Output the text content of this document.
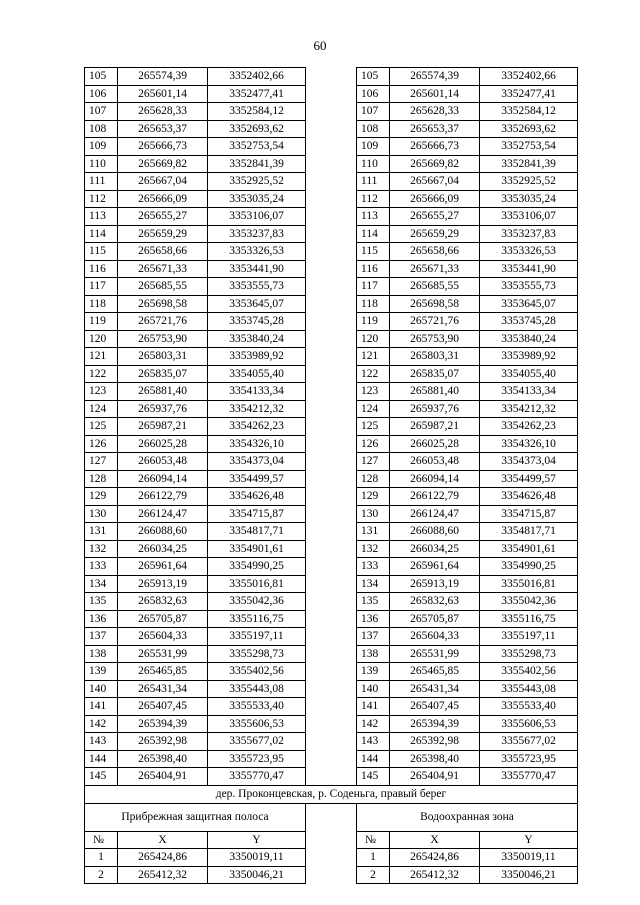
60
105	265574,39	3352402,66		105	265574,39	3352402,66
106	265601,14	3352477,41		106	265601,14	3352477,41
107	265628,33	3352584,12		107	265628,33	3352584,12
108	265653,37	3352693,62		108	265653,37	3352693,62
109	265666,73	3352753,54		109	265666,73	3352753,54
110	265669,82	3352841,39		110	265669,82	3352841,39
111	265667,04	3352925,52		111	265667,04	3352925,52
112	265666,09	3353035,24		112	265666,09	3353035,24
113	265655,27	3353106,07		113	265655,27	3353106,07
114	265659,29	3353237,83		114	265659,29	3353237,83
115	265658,66	3353326,53		115	265658,66	3353326,53
116	265671,33	3353441,90		116	265671,33	3353441,90
117	265685,55	3353555,73		117	265685,55	3353555,73
118	265698,58	3353645,07		118	265698,58	3353645,07
119	265721,76	3353745,28		119	265721,76	3353745,28
120	265753,90	3353840,24		120	265753,90	3353840,24
121	265803,31	3353989,92		121	265803,31	3353989,92
122	265835,07	3354055,40		122	265835,07	3354055,40
123	265881,40	3354133,34		123	265881,40	3354133,34
124	265937,76	3354212,32		124	265937,76	3354212,32
125	265987,21	3354262,23		125	265987,21	3354262,23
126	266025,28	3354326,10		126	266025,28	3354326,10
127	266053,48	3354373,04		127	266053,48	3354373,04
128	266094,14	3354499,57		128	266094,14	3354499,57
129	266122,79	3354626,48		129	266122,79	3354626,48
130	266124,47	3354715,87		130	266124,47	3354715,87
131	266088,60	3354817,71		131	266088,60	3354817,71
132	266034,25	3354901,61		132	266034,25	3354901,61
133	265961,64	3354990,25		133	265961,64	3354990,25
134	265913,19	3355016,81		134	265913,19	3355016,81
135	265832,63	3355042,36		135	265832,63	3355042,36
136	265705,87	3355116,75		136	265705,87	3355116,75
137	265604,33	3355197,11		137	265604,33	3355197,11
138	265531,99	3355298,73		138	265531,99	3355298,73
139	265465,85	3355402,56		139	265465,85	3355402,56
140	265431,34	3355443,08		140	265431,34	3355443,08
141	265407,45	3355533,40		141	265407,45	3355533,40
142	265394,39	3355606,53		142	265394,39	3355606,53
143	265392,98	3355677,02		143	265392,98	3355677,02
144	265398,40	3355723,95		144	265398,40	3355723,95
145	265404,91	3355770,47		145	265404,91	3355770,47
дер. Проконцевская, р. Соденьга, правый берег						
Прибрежная защитная полоса				Водоохранная зона		
№	X	Y		№	X	Y
1	265424,86	3350019,11		1	265424,86	3350019,11
2	265412,32	3350046,21		2	265412,32	3350046,21
